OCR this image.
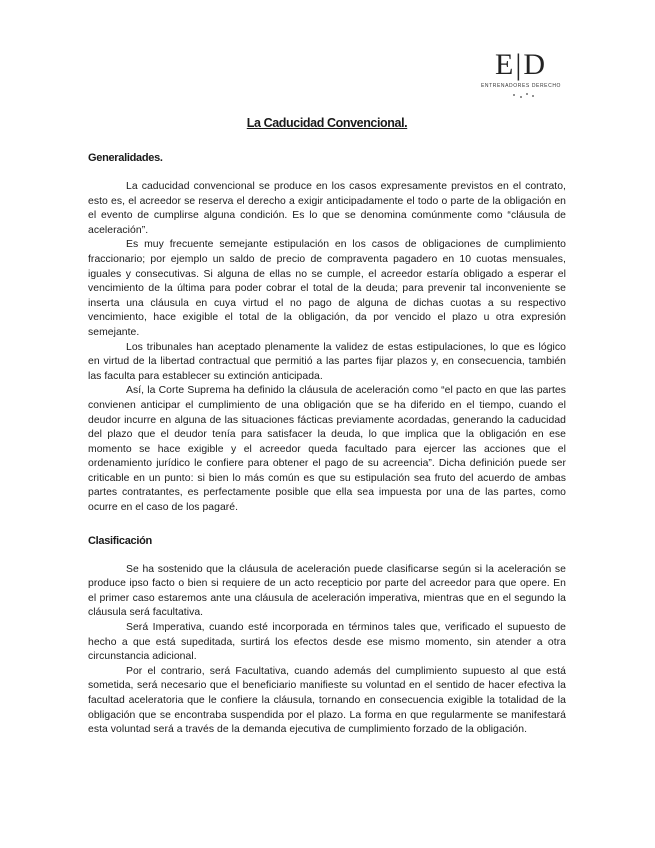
E|D
ENTRENADORES DERECHO
La Caducidad Convencional.
Generalidades.

La caducidad convencional se produce en los casos expresamente previstos en el contrato, esto es, el acreedor se reserva el derecho a exigir anticipadamente el todo o parte de la obligación en el evento de cumplirse alguna condición. Es lo que se denomina comúnmente como “cláusula de aceleración”.

Es muy frecuente semejante estipulación en los casos de obligaciones de cumplimiento fraccionario; por ejemplo un saldo de precio de compraventa pagadero en 10 cuotas mensuales, iguales y consecutivas. Si alguna de ellas no se cumple, el acreedor estaría obligado a esperar el vencimiento de la última para poder cobrar el total de la deuda; para prevenir tal inconveniente se inserta una cláusula en cuya virtud el no pago de alguna de dichas cuotas a su respectivo vencimiento, hace exigible el total de la obligación, da por vencido el plazo u otra expresión semejante.

Los tribunales han aceptado plenamente la validez de estas estipulaciones, lo que es lógico en virtud de la libertad contractual que permitió a las partes fijar plazos y, en consecuencia, también las faculta para establecer su extinción anticipada.

Así, la Corte Suprema ha definido la cláusula de aceleración como “el pacto en que las partes convienen anticipar el cumplimiento de una obligación que se ha diferido en el tiempo, cuando el deudor incurre en alguna de las situaciones fácticas previamente acordadas, generando la caducidad del plazo que el deudor tenía para satisfacer la deuda, lo que implica que la obligación en ese momento se hace exigible y el acreedor queda facultado para ejercer las acciones que el ordenamiento jurídico le confiere para obtener el pago de su acreencia”. Dicha definición puede ser criticable en un punto: si bien lo más común es que su estipulación sea fruto del acuerdo de ambas partes contratantes, es perfectamente posible que ella sea impuesta por una de las partes, como ocurre en el caso de los pagaré.

Clasificación

Se ha sostenido que la cláusula de aceleración puede clasificarse según si la aceleración se produce ipso facto o bien si requiere de un acto recepticio por parte del acreedor para que opere. En el primer caso estaremos ante una cláusula de aceleración imperativa, mientras que en el segundo la cláusula será facultativa.

Será Imperativa, cuando esté incorporada en términos tales que, verificado el supuesto de hecho a que está supeditada, surtirá los efectos desde ese mismo momento, sin atender a otra circunstancia adicional.

Por el contrario, será Facultativa, cuando además del cumplimiento supuesto al que está sometida, será necesario que el beneficiario manifieste su voluntad en el sentido de hacer efectiva la facultad aceleratoria que le confiere la cláusula, tornando en consecuencia exigible la totalidad de la obligación que se encontraba suspendida por el plazo. La forma en que regularmente se manifestará esta voluntad será a través de la demanda ejecutiva de cumplimiento forzado de la obligación.
